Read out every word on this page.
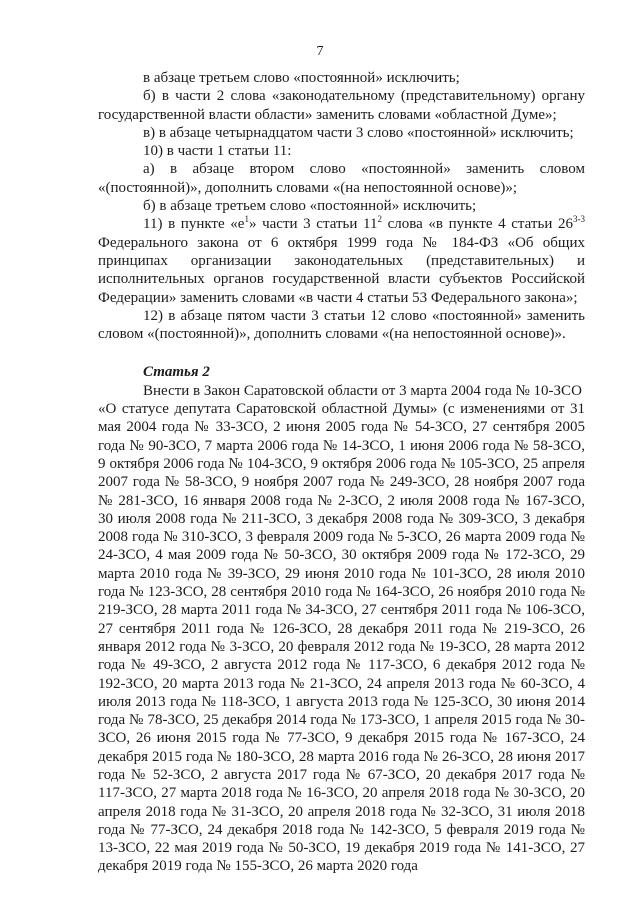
7

в абзаце третьем слово «постоянной» исключить;

б) в части 2 слова «законодательному (представительному) органу государственной власти области» заменить словами «областной Думе»;

в) в абзаце четырнадцатом части 3 слово «постоянной» исключить;

10) в части 1 статьи 11:

а) в абзаце втором слово «постоянной» заменить словом «(постоянной)», дополнить словами «(на непостоянной основе)»;

б) в абзаце третьем слово «постоянной» исключить;

11) в пункте «$е^1$» части 3 статьи $11^2$ слова «в пункте 4 статьи 26$^{3-3}$ Федерального закона от 6 октября 1999 года № 184-ФЗ «Об общих принципах организации законодательных (представительных) и исполнительных органов государственной власти субъектов Российской Федерации» заменить словами «в части 4 статьи 53 Федерального закона»;

12) в абзаце пятом части 3 статьи 12 слово «постоянной» заменить словом «(постоянной)», дополнить словами «(на непостоянной основе)».

Статья 2

Внести в Закон Саратовской области от 3 марта 2004 года № 10-ЗСО

«О статусе депутата Саратовской областной Думы» (с изменениями от 31 мая 2004 года № 33-ЗСО, 2 июня 2005 года № 54-ЗСО, 27 сентября 2005 года № 90-ЗСО, 7 марта 2006 года № 14-ЗСО, 1 июня 2006 года № 58-ЗСО, 9 октября 2006 года № 104-ЗСО, 9 октября 2006 года № 105-ЗСО, 25 апреля 2007 года № 58-ЗСО, 9 ноября 2007 года № 249-ЗСО, 28 ноября 2007 года № 281-ЗСО, 16 января 2008 года № 2-ЗСО, 2 июля 2008 года № 167-ЗСО, 30 июля 2008 года № 211-ЗСО, 3 декабря 2008 года № 309-ЗСО, 3 декабря 2008 года № 310-ЗСО, 3 февраля 2009 года № 5-ЗСО, 26 марта 2009 года № 24-ЗСО, 4 мая 2009 года № 50-ЗСО, 30 октября 2009 года № 172-ЗСО, 29 марта 2010 года № 39-ЗСО, 29 июня 2010 года № 101-ЗСО, 28 июля 2010 года № 123-ЗСО, 28 сентября 2010 года № 164-ЗСО, 26 ноября 2010 года № 219-ЗСО, 28 марта 2011 года № 34-ЗСО, 27 сентября 2011 года № 106-ЗСО, 27 сентября 2011 года № 126-ЗСО, 28 декабря 2011 года № 219-ЗСО, 26 января 2012 года № 3-ЗСО, 20 февраля 2012 года № 19-ЗСО, 28 марта 2012 года № 49-ЗСО, 2 августа 2012 года № 117-ЗСО, 6 декабря 2012 года № 192-ЗСО, 20 марта 2013 года № 21-ЗСО, 24 апреля 2013 года № 60-ЗСО, 4 июля 2013 года № 118-ЗСО, 1 августа 2013 года № 125-ЗСО, 30 июня 2014 года № 78-ЗСО, 25 декабря 2014 года № 173-ЗСО, 1 апреля 2015 года № 30-ЗСО, 26 июня 2015 года № 77-ЗСО, 9 декабря 2015 года № 167-ЗСО, 24 декабря 2015 года № 180-ЗСО, 28 марта 2016 года № 26-ЗСО, 28 июня 2017 года № 52-ЗСО, 2 августа 2017 года № 67-ЗСО, 20 декабря 2017 года № 117-ЗСО, 27 марта 2018 года № 16-ЗСО, 20 апреля 2018 года № 30-ЗСО, 20 апреля 2018 года № 31-ЗСО, 20 апреля 2018 года № 32-ЗСО, 31 июля 2018 года № 77-ЗСО, 24 декабря 2018 года № 142-ЗСО, 5 февраля 2019 года № 13-ЗСО, 22 мая 2019 года № 50-ЗСО, 19 декабря 2019 года № 141-ЗСО, 27 декабря 2019 года № 155-ЗСО, 26 марта 2020 года
